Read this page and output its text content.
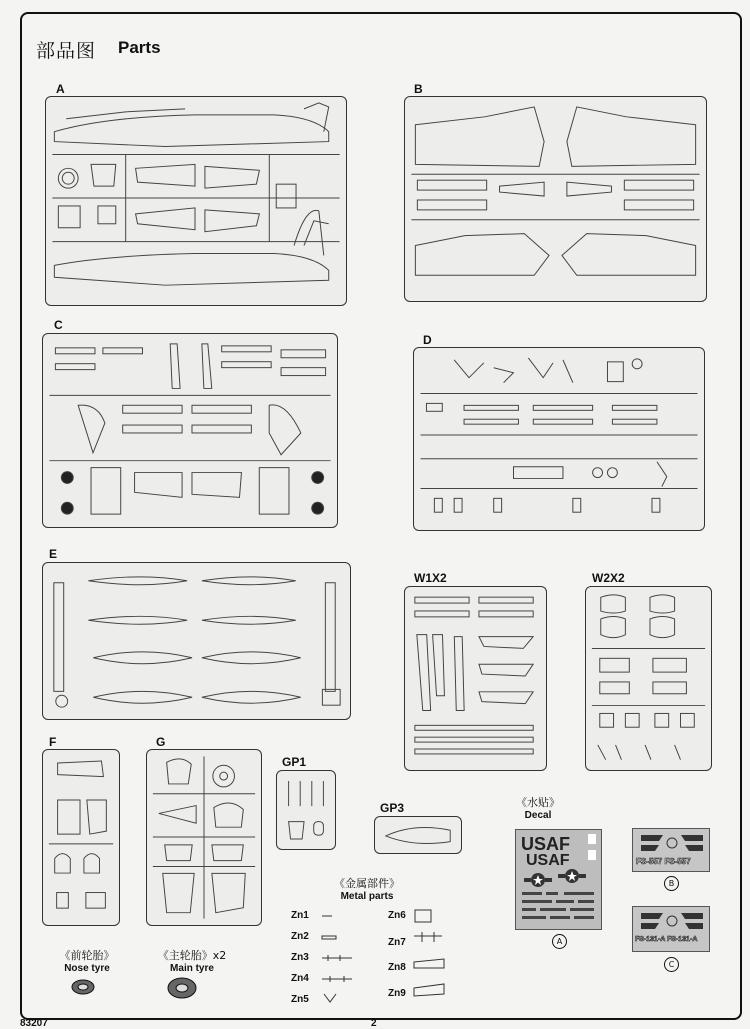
部品图 Parts
A	B
C
D
E
W1X2	W2X2
F	G
GP1
GP3
《前轮胎》
Nose tyre
《主轮胎》x2
Main tyre
《金属部件》
Metal parts
Zn1
Zn2
Zn3
Zn4
Zn5
Zn6
Zn7
Zn8
Zn9
《水贴》
Decal
USAF
USAF
A
FS-557 FS-557
B
FS-131-A FS-131-A
C
83207	2
